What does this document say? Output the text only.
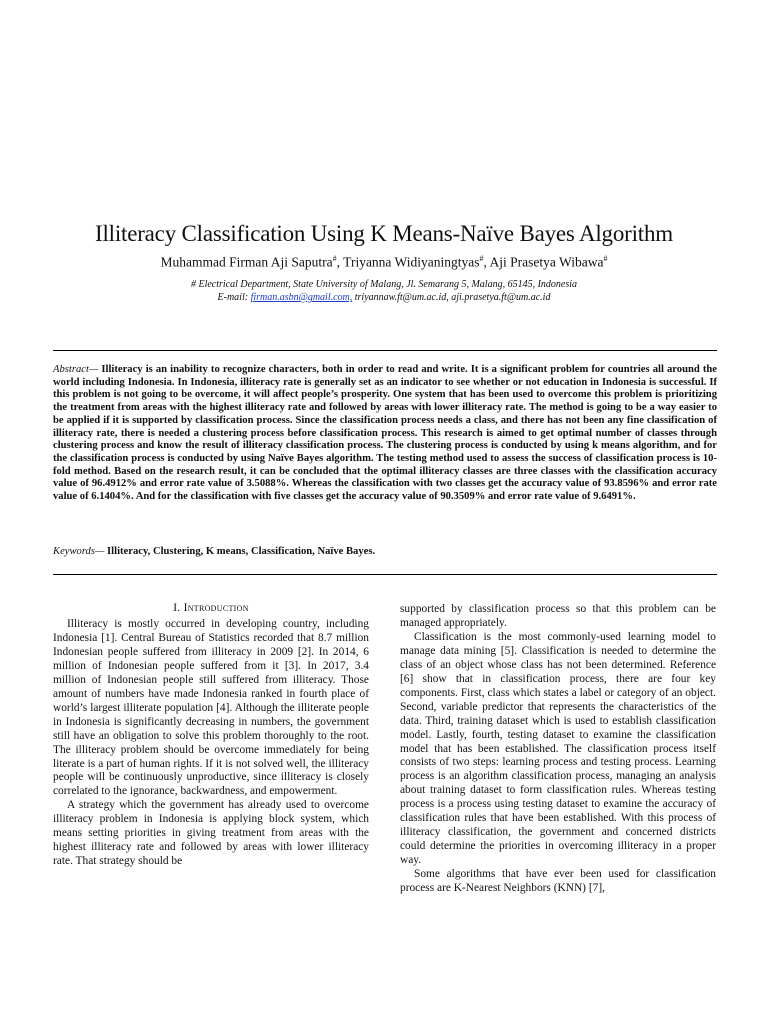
Illiteracy Classification Using K Means-Naïve Bayes Algorithm
Muhammad Firman Aji Saputra#, Triyanna Widiyaningtyas#, Aji Prasetya Wibawa#
# Electrical Department, State University of Malang, Jl. Semarang 5, Malang, 65145, Indonesia
E-mail: firman.asbn@gmail.com, triyannaw.ft@um.ac.id, aji.prasetya.ft@um.ac.id
Abstract— Illiteracy is an inability to recognize characters, both in order to read and write. It is a significant problem for countries all around the world including Indonesia. In Indonesia, illiteracy rate is generally set as an indicator to see whether or not education in Indonesia is successful. If this problem is not going to be overcome, it will affect people’s prosperity. One system that has been used to overcome this problem is prioritizing the treatment from areas with the highest illiteracy rate and followed by areas with lower illiteracy rate. The method is going to be a way easier to be applied if it is supported by classification process. Since the classification process needs a class, and there has not been any fine classification of illiteracy rate, there is needed a clustering process before classification process. This research is aimed to get optimal number of classes through clustering process and know the result of illiteracy classification process. The clustering process is conducted by using k means algorithm, and for the classification process is conducted by using Naïve Bayes algorithm. The testing method used to assess the success of classification process is 10-fold method. Based on the research result, it can be concluded that the optimal illiteracy classes are three classes with the classification accuracy value of 96.4912% and error rate value of 3.5088%. Whereas the classification with two classes get the accuracy value of 93.8596% and error rate value of 6.1404%. And for the classification with five classes get the accuracy value of 90.3509% and error rate value of 9.6491%.
Keywords— Illiteracy, Clustering, K means, Classification, Naïve Bayes.
I. Introduction

Illiteracy is mostly occurred in developing country, including Indonesia [1]. Central Bureau of Statistics recorded that 8.7 million Indonesian people suffered from illiteracy in 2009 [2]. In 2014, 6 million of Indonesian people suffered from it [3]. In 2017, 3.4 million of Indonesian people still suffered from illiteracy. Those amount of numbers have made Indonesia ranked in fourth place of world’s largest illiterate population [4]. Although the illiterate people in Indonesia is significantly decreasing in numbers, the government still have an obligation to solve this problem thoroughly to the root. The illiteracy problem should be overcome immediately for being literate is a part of human rights. If it is not solved well, the illiteracy people will be continuously unproductive, since illiteracy is closely correlated to the ignorance, backwardness, and empowerment.

A strategy which the government has already used to overcome illiteracy problem in Indonesia is applying block system, which means setting priorities in giving treatment from areas with the highest illiteracy rate and followed by areas with lower illiteracy rate. That strategy should be

supported by classification process so that this problem can be managed appropriately.

Classification is the most commonly-used learning model to manage data mining [5]. Classification is needed to determine the class of an object whose class has not been determined. Reference [6] show that in classification process, there are four key components. First, class which states a label or category of an object. Second, variable predictor that represents the characteristics of the data. Third, training dataset which is used to establish classification model. Lastly, fourth, testing dataset to examine the classification model that has been established. The classification process itself consists of two steps: learning process and testing process. Learning process is an algorithm classification process, managing an analysis about training dataset to form classification rules. Whereas testing process is a process using testing dataset to examine the accuracy of classification rules that have been established. With this process of illiteracy classification, the government and concerned districts could determine the priorities in overcoming illiteracy in a proper way.

Some algorithms that have ever been used for classification process are K-Nearest Neighbors (KNN) [7],
